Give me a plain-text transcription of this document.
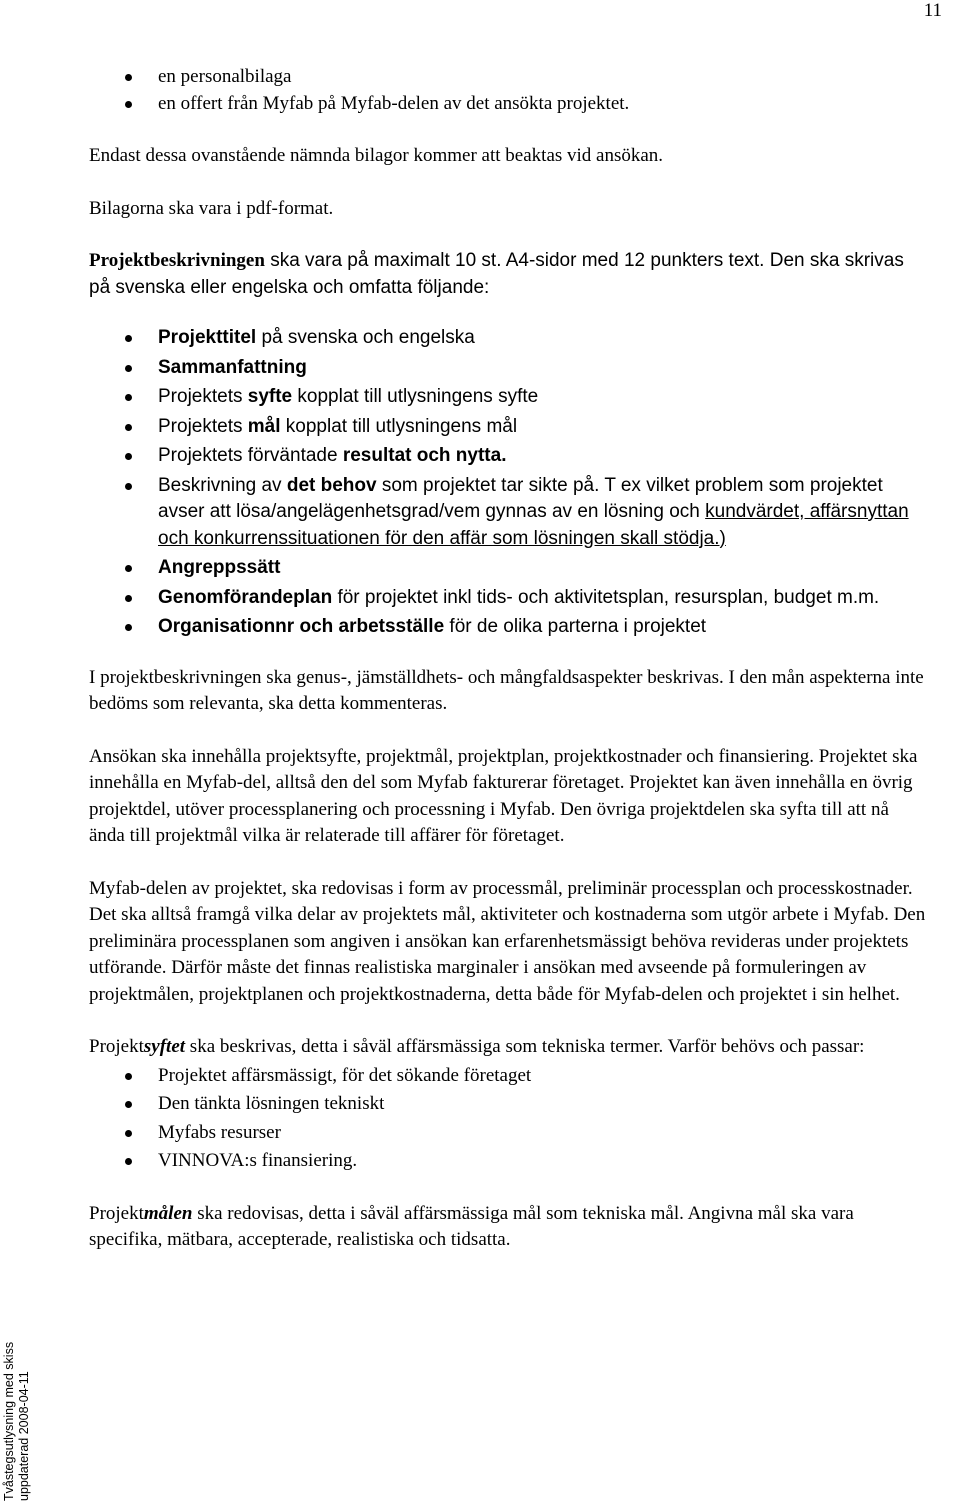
11
Tvåstegsutlysning med skiss uppdaterad 2008-04-11
en personalbilaga
en offert från Myfab på Myfab-delen av det ansökta projektet.

Endast dessa ovanstående nämnda bilagor kommer att beaktas vid ansökan.

Bilagorna ska vara i pdf-format.

Projektbeskrivningen ska vara på maximalt 10 st. A4-sidor med 12 punkters text. Den ska skrivas på svenska eller engelska och omfatta följande:

Projekttitel på svenska och engelska
Sammanfattning
Projektets syfte kopplat till utlysningens syfte
Projektets mål kopplat till utlysningens mål
Projektets förväntade resultat och nytta.
Beskrivning av det behov som projektet tar sikte på. T ex vilket problem som projektet avser att lösa/angelägenhetsgrad/vem gynnas av en lösning och kundvärdet, affärsnyttan och konkurrenssituationen för den affär som lösningen skall stödja.)
Angreppssätt
Genomförandeplan för projektet inkl tids- och aktivitetsplan, resursplan, budget m.m.
Organisationnr och arbetsställe för de olika parterna i projektet

I projektbeskrivningen ska genus-, jämställdhets- och mångfaldsaspekter beskrivas. I den mån aspekterna inte bedöms som relevanta, ska detta kommenteras.

Ansökan ska innehålla projektsyfte, projektmål, projektplan, projektkostnader och finansiering. Projektet ska innehålla en Myfab-del, alltså den del som Myfab fakturerar företaget. Projektet kan även innehålla en övrig projektdel, utöver processplanering och processning i Myfab. Den övriga projektdelen ska syfta till att nå ända till projektmål vilka är relaterade till affärer för företaget.

Myfab-delen av projektet, ska redovisas i form av processmål, preliminär processplan och processkostnader. Det ska alltså framgå vilka delar av projektets mål, aktiviteter och kostnaderna som utgör arbete i Myfab. Den preliminära processplanen som angiven i ansökan kan erfarenhetsmässigt behöva revideras under projektets utförande. Därför måste det finnas realistiska marginaler i ansökan med avseende på formuleringen av projektmålen, projektplanen och projektkostnaderna, detta både för Myfab-delen och projektet i sin helhet.

Projektsyftet ska beskrivas, detta i såväl affärsmässiga som tekniska termer. Varför behövs och passar:

Projektet affärsmässigt, för det sökande företaget
Den tänkta lösningen tekniskt
Myfabs resurser
VINNOVA:s finansiering.

Projektmålen ska redovisas, detta i såväl affärsmässiga mål som tekniska mål. Angivna mål ska vara specifika, mätbara, accepterade, realistiska och tidsatta.
